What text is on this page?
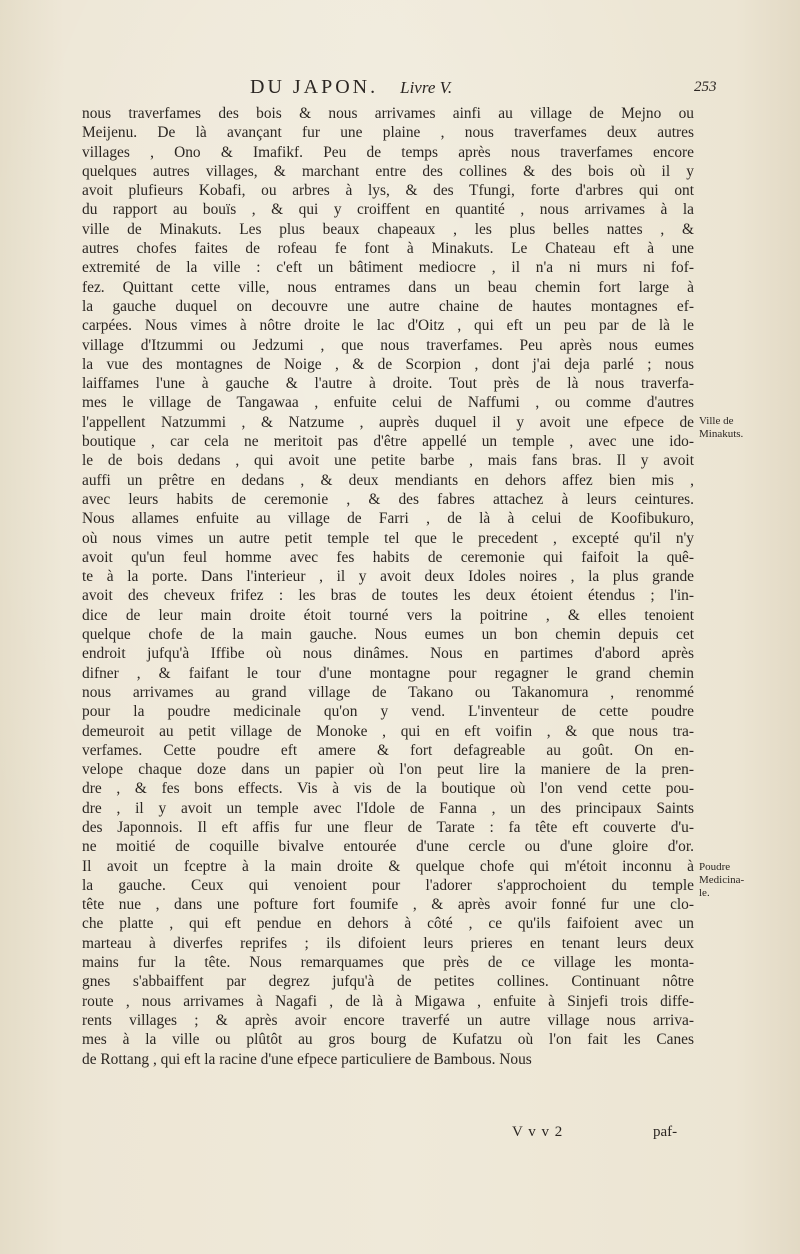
DU JAPON. Livre V.	253

nous traverfames des bois & nous arrivames ainfi au village de Mejno ou
Meijenu. De là avançant fur une plaine , nous traverfames deux autres
villages , Ono & Imafikf. Peu de temps après nous traverfames encore
quelques autres villages, & marchant entre des collines & des bois où il y
avoit plufieurs Kobafi, ou arbres à lys, & des Tfungi, forte d'arbres qui ont
du rapport au bouïs , & qui y croiffent en quantité , nous arrivames à la
ville de Minakuts. Les plus beaux chapeaux , les plus belles nattes , &
autres chofes faites de rofeau fe font à Minakuts. Le Chateau eft à une
extremité de la ville : c'eft un bâtiment mediocre , il n'a ni murs ni fof-
fez. Quittant cette ville, nous entrames dans un beau chemin fort large à
la gauche duquel on decouvre une autre chaine de hautes montagnes ef-
carpées. Nous vimes à nôtre droite le lac d'Oitz , qui eft un peu par de là le
village d'Itzummi ou Jedzumi , que nous traverfames. Peu après nous eumes
la vue des montagnes de Noige , & de Scorpion , dont j'ai deja parlé ; nous
laiffames l'une à gauche & l'autre à droite. Tout près de là nous traverfa-
mes le village de Tangawaa , enfuite celui de Naffumi , ou comme d'autres
l'appellent Natzummi , & Natzume , auprès duquel il y avoit une efpece de
boutique , car cela ne meritoit pas d'être appellé un temple , avec une ido-
le de bois dedans , qui avoit une petite barbe , mais fans bras. Il y avoit
auffi un prêtre en dedans , & deux mendiants en dehors affez bien mis ,
avec leurs habits de ceremonie , & des fabres attachez à leurs ceintures.
Nous allames enfuite au village de Farri , de là à celui de Koofibukuro,
où nous vimes un autre petit temple tel que le precedent , excepté qu'il n'y
avoit qu'un feul homme avec fes habits de ceremonie qui faifoit la quê-
te à la porte. Dans l'interieur , il y avoit deux Idoles noires , la plus grande
avoit des cheveux frifez : les bras de toutes les deux étoient étendus ; l'in-
dice de leur main droite étoit tourné vers la poitrine , & elles tenoient
quelque chofe de la main gauche. Nous eumes un bon chemin depuis cet
endroit jufqu'à Iffibe où nous dinâmes. Nous en partimes d'abord après
difner , & faifant le tour d'une montagne pour regagner le grand chemin
nous arrivames au grand village de Takano ou Takanomura , renommé
pour la poudre medicinale qu'on y vend. L'inventeur de cette poudre
demeuroit au petit village de Monoke , qui en eft voifin , & que nous tra-
verfames. Cette poudre eft amere & fort defagreable au goût. On en-
velope chaque doze dans un papier où l'on peut lire la maniere de la pren-
dre , & fes bons effects. Vis à vis de la boutique où l'on vend cette pou-
dre , il y avoit un temple avec l'Idole de Fanna , un des principaux Saints
des Japonnois. Il eft affis fur une fleur de Tarate : fa tête eft couverte d'u-
ne moitié de coquille bivalve entourée d'une cercle ou d'une gloire d'or.
Il avoit un fceptre à la main droite & quelque chofe qui m'étoit inconnu à
la gauche. Ceux qui venoient pour l'adorer s'approchoient du temple
tête nue , dans une pofture fort foumife , & après avoir fonné fur une clo-
che platte , qui eft pendue en dehors à côté , ce qu'ils faifoient avec un
marteau à diverfes reprifes ; ils difoient leurs prieres en tenant leurs deux
mains fur la tête. Nous remarquames que près de ce village les monta-
gnes s'abbaiffent par degrez jufqu'à de petites collines. Continuant nôtre
route , nous arrivames à Nagafi , de là à Migawa , enfuite à Sinjefi trois diffe-
rents villages ; & après avoir encore traverfé un autre village nous arriva-
mes à la ville ou plûtôt au gros bourg de Kufatzu où l'on fait les Canes
de Rottang , qui eft la racine d'une efpece particuliere de Bambous. Nous

Ville de
Minakuts.
Poudre
Medicina-
le.
V v v 2	paf-
